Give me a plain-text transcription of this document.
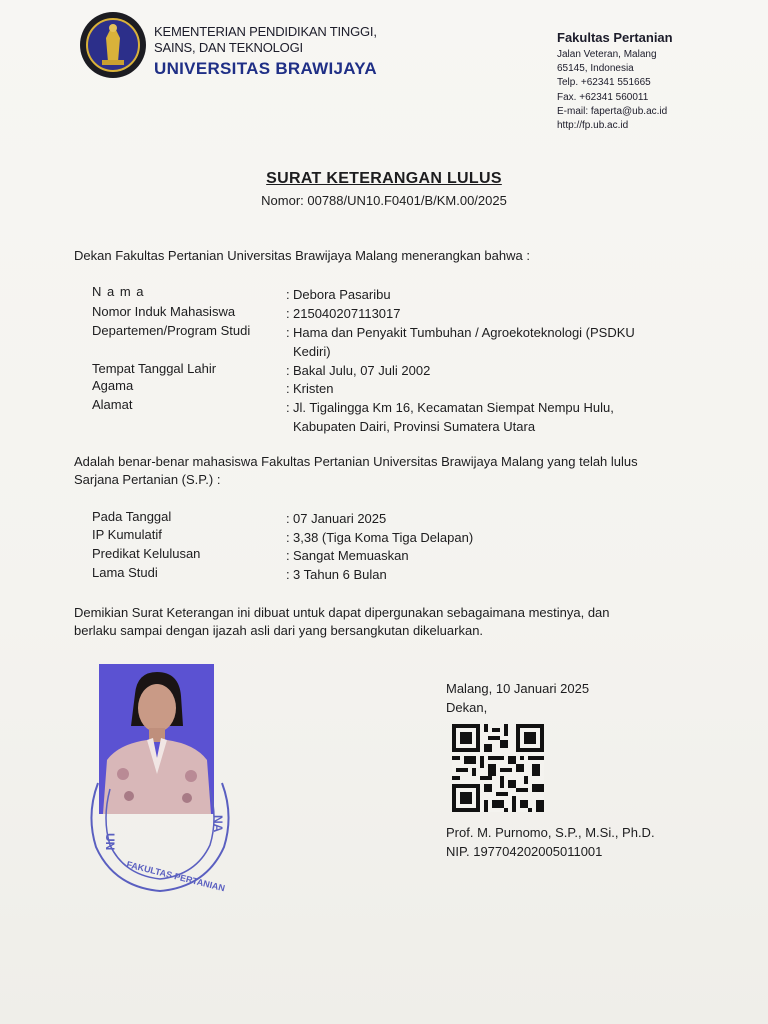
KEMENTERIAN PENDIDIKAN TINGGI,
SAINS, DAN TEKNOLOGI
UNIVERSITAS BRAWIJAYA
Fakultas Pertanian
Jalan Veteran, Malang
65145, Indonesia
Telp. +62341 551665
Fax. +62341 560011
E-mail: faperta@ub.ac.id
http://fp.ub.ac.id
SURAT KETERANGAN LULUS
Nomor: 00788/UN10.F0401/B/KM.00/2025
Dekan Fakultas Pertanian Universitas Brawijaya Malang menerangkan bahwa :
N a m a	: Debora Pasaribu
Nomor Induk Mahasiswa	: 215040207113017
Departemen/Program Studi	: Hama dan Penyakit Tumbuhan / Agroekoteknologi (PSDKU
Kediri)
Tempat Tanggal Lahir	: Bakal Julu, 07 Juli 2002
Agama	: Kristen
Alamat	: Jl. Tigalingga Km 16, Kecamatan Siempat Nempu Hulu,
Kabupaten Dairi, Provinsi Sumatera Utara
Adalah benar-benar mahasiswa Fakultas Pertanian Universitas Brawijaya Malang yang telah lulus
Sarjana Pertanian (S.P.) :
Pada Tanggal	: 07 Januari 2025
IP Kumulatif	: 3,38 (Tiga Koma Tiga Delapan)
Predikat Kelulusan	: Sangat Memuaskan
Lama Studi	: 3 Tahun 6 Bulan
Demikian Surat Keterangan ini dibuat untuk dapat dipergunakan sebagaimana mestinya, dan
berlaku sampai dengan ijazah asli dari yang bersangkutan dikeluarkan.
UN
NA
FAKULTAS PERTANIAN
Malang, 10 Januari 2025
Dekan,
Prof. M. Purnomo, S.P., M.Si., Ph.D.
NIP. 197704202005011001
